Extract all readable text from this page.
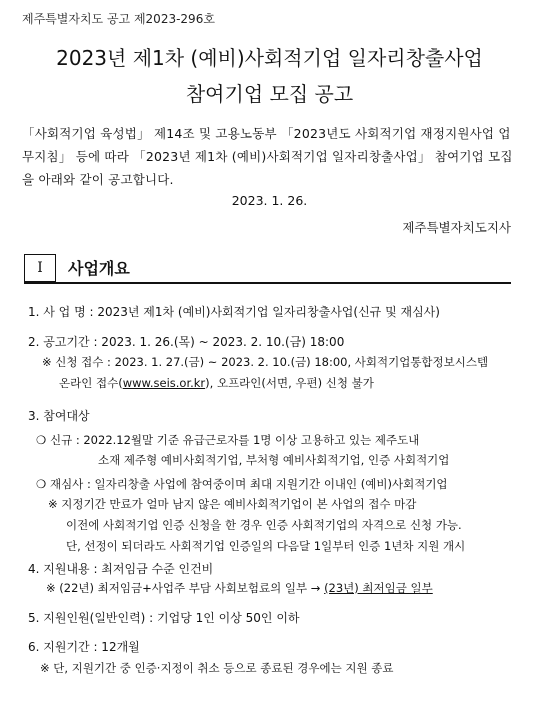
제주특별자치도 공고 제2023-296호
2023년 제1차 (예비)사회적기업 일자리창출사업
참여기업 모집 공고
「사회적기업 육성법」 제14조 및 고용노동부 「2023년도 사회적기업 재정지원사업 업무지침」 등에 따라 「2023년 제1차 (예비)사회적기업 일자리창출사업」 참여기업 모집을 아래와 같이 공고합니다.
2023. 1. 26.
제주특별자치도지사
I	사업개요
1. 사 업 명 : 2023년 제1차 (예비)사회적기업 일자리창출사업(신규 및 재심사)
2. 공고기간 : 2023. 1. 26.(목) ~ 2023. 2. 10.(금) 18:00
※ 신청 접수 : 2023. 1. 27.(금) ~ 2023. 2. 10.(금) 18:00, 사회적기업통합정보시스템
온라인 접수(www.seis.or.kr), 오프라인(서면, 우편) 신청 불가
3. 참여대상
❍ 신규 : 2022.12월말 기준 유급근로자를 1명 이상 고용하고 있는 제주도내
소재 제주형 예비사회적기업, 부처형 예비사회적기업, 인증 사회적기업
❍ 재심사 : 일자리창출 사업에 참여중이며 최대 지원기간 이내인 (예비)사회적기업
※ 지정기간 만료가 얼마 남지 않은 예비사회적기업이 본 사업의 접수 마감
이전에 사회적기업 인증 신청을 한 경우 인증 사회적기업의 자격으로 신청 가능.
단, 선정이 되더라도 사회적기업 인증일의 다음달 1일부터 인증 1년차 지원 개시
4. 지원내용 : 최저임금 수준 인건비
※ (22년) 최저임금+사업주 부담 사회보험료의 일부 → (23년) 최저임금 일부
5. 지원인원(일반인력) : 기업당 1인 이상 50인 이하
6. 지원기간 : 12개월
※ 단, 지원기간 중 인증·지정이 취소 등으로 종료된 경우에는 지원 종료
